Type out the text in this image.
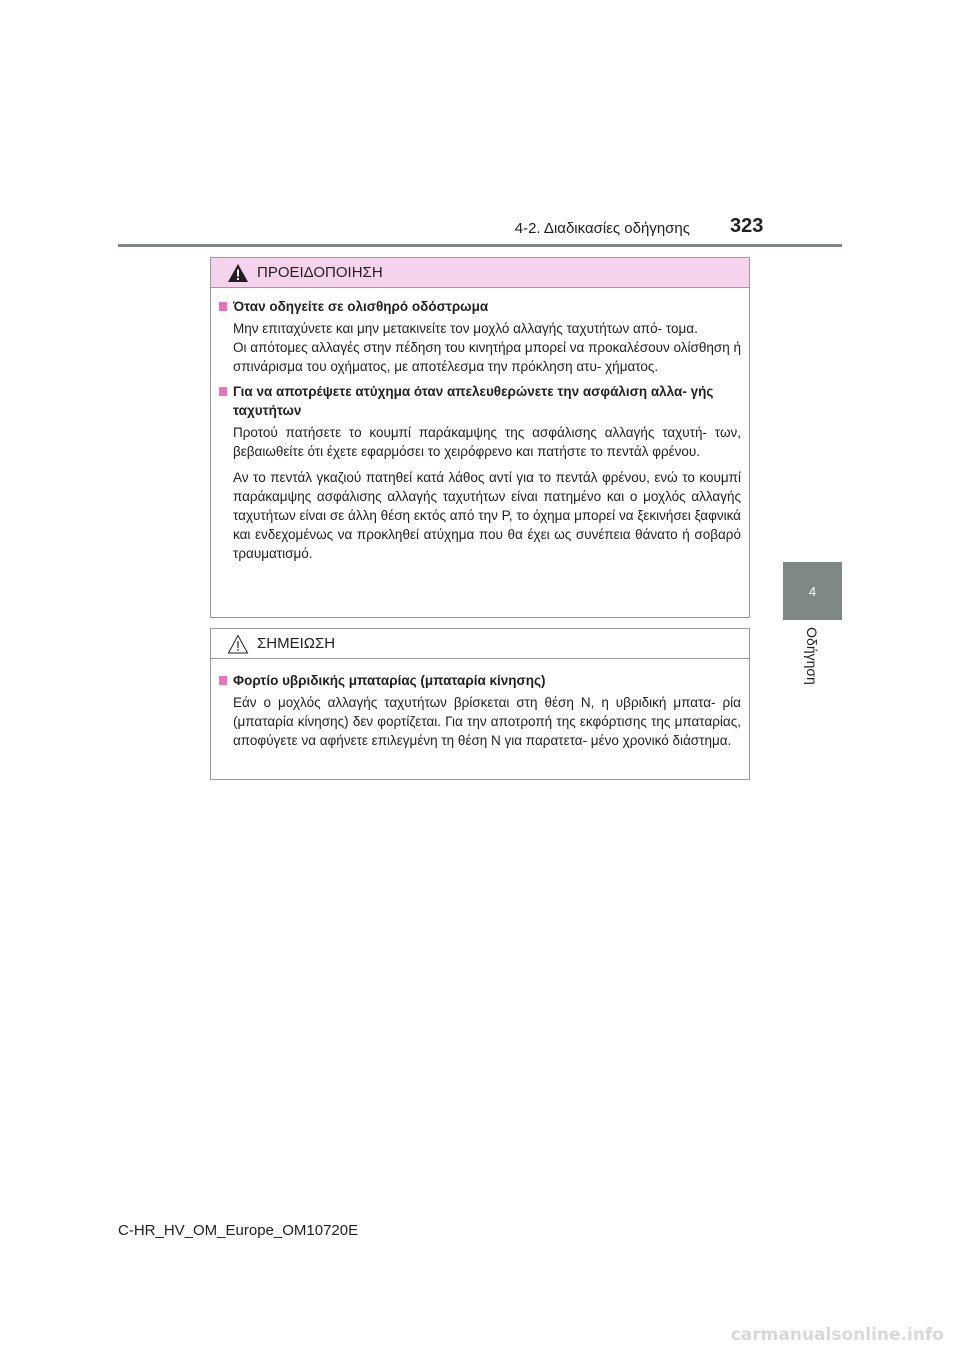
4-2. Διαδικασίες οδήγησης 323
4
Οδήγηση
ΠΡΟΕΙΔΟΠΟΙΗΣΗ
Όταν οδηγείτε σε ολισθηρό οδόστρωμα
Μην επιταχύνετε και μην μετακινείτε τον μοχλό αλλαγής ταχυτήτων από- τομα.
Οι απότομες αλλαγές στην πέδηση του κινητήρα μπορεί να προκαλέσουν ολίσθηση ή σπινάρισμα του οχήματος, με αποτέλεσμα την πρόκληση ατυ- χήματος.
Για να αποτρέψετε ατύχημα όταν απελευθερώνετε την ασφάλιση αλλα- γής ταχυτήτων
Προτού πατήσετε το κουμπί παράκαμψης της ασφάλισης αλλαγής ταχυτή- των, βεβαιωθείτε ότι έχετε εφαρμόσει το χειρόφρενο και πατήστε το πεντάλ φρένου.
Αν το πεντάλ γκαζιού πατηθεί κατά λάθος αντί για το πεντάλ φρένου, ενώ το κουμπί παράκαμψης ασφάλισης αλλαγής ταχυτήτων είναι πατημένο και ο μοχλός αλλαγής ταχυτήτων είναι σε άλλη θέση εκτός από την P, το όχημα μπορεί να ξεκινήσει ξαφνικά και ενδεχομένως να προκληθεί ατύχημα που θα έχει ως συνέπεια θάνατο ή σοβαρό τραυματισμό.
ΣΗΜΕΙΩΣΗ
Φορτίο υβριδικής μπαταρίας (μπαταρία κίνησης)
Εάν ο μοχλός αλλαγής ταχυτήτων βρίσκεται στη θέση N, η υβριδική μπατα- ρία (μπαταρία κίνησης) δεν φορτίζεται. Για την αποτροπή της εκφόρτισης της μπαταρίας, αποφύγετε να αφήνετε επιλεγμένη τη θέση N για παρατετα- μένο χρονικό διάστημα.
C-HR_HV_OM_Europe_OM10720E
carmanualsonline.info
